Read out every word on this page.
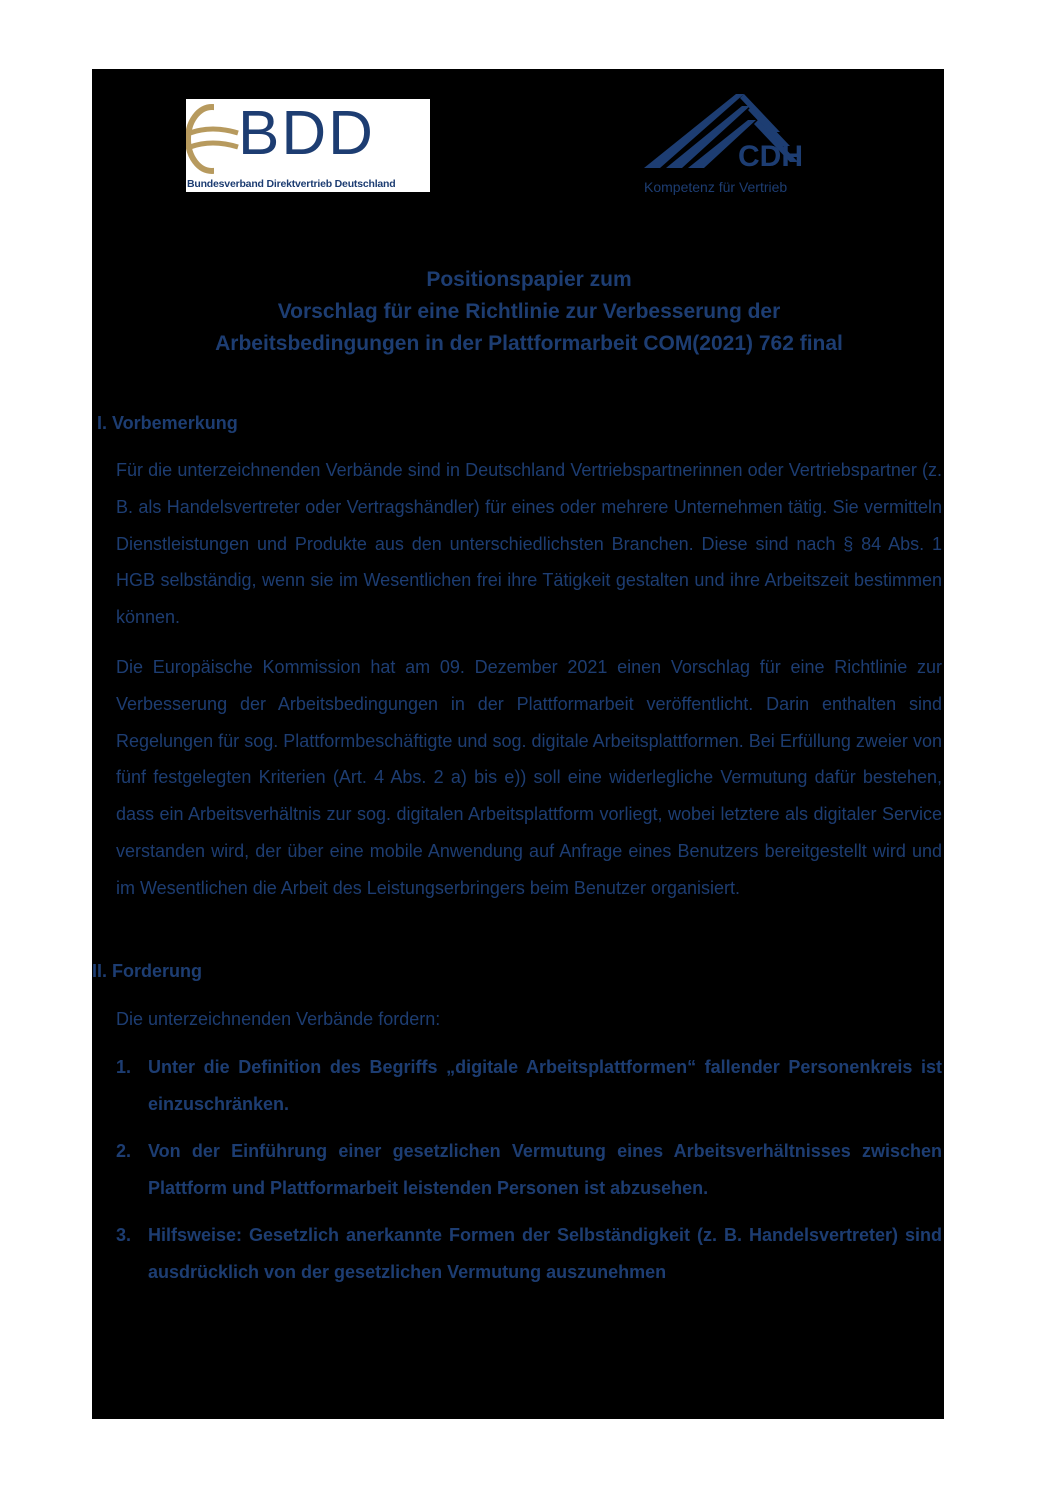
BDD
Bundesverband Direktvertrieb Deutschland
CDH
Kompetenz für Vertrieb
Positionspapier zum
Vorschlag für eine Richtlinie zur Verbesserung der
Arbeitsbedingungen in der Plattformarbeit COM(2021) 762 final
I. Vorbemerkung

Für die unterzeichnenden Verbände sind in Deutschland Vertriebspartnerinnen oder Vertriebspartner (z. B. als Handelsvertreter oder Vertragshändler) für eines oder mehrere Unternehmen tätig. Sie vermitteln Dienstleistungen und Produkte aus den unterschiedlichsten Branchen. Diese sind nach § 84 Abs. 1 HGB selbständig, wenn sie im Wesentlichen frei ihre Tätigkeit gestalten und ihre Arbeitszeit bestimmen können.

Die Europäische Kommission hat am 09. Dezember 2021 einen Vorschlag für eine Richtlinie zur Verbesserung der Arbeitsbedingungen in der Plattformarbeit veröffentlicht. Darin enthalten sind Regelungen für sog. Plattformbeschäftigte und sog. digitale Arbeitsplattformen. Bei Erfüllung zweier von fünf festgelegten Kriterien (Art. 4 Abs. 2 a) bis e)) soll eine widerlegliche Vermutung dafür bestehen, dass ein Arbeitsverhältnis zur sog. digitalen Arbeitsplattform vorliegt, wobei letztere als digitaler Service verstanden wird, der über eine mobile Anwendung auf Anfrage eines Benutzers bereitgestellt wird und im Wesentlichen die Arbeit des Leistungserbringers beim Benutzer organisiert.

II. Forderung

Die unterzeichnenden Verbände fordern:

1. Unter die Definition des Begriffs „digitale Arbeitsplattformen“ fallender Personenkreis ist einzuschränken.
2. Von der Einführung einer gesetzlichen Vermutung eines Arbeitsverhältnisses zwischen Plattform und Plattformarbeit leistenden Personen ist abzusehen.
3. Hilfsweise: Gesetzlich anerkannte Formen der Selbständigkeit (z. B. Handelsvertreter) sind ausdrücklich von der gesetzlichen Vermutung auszunehmen
